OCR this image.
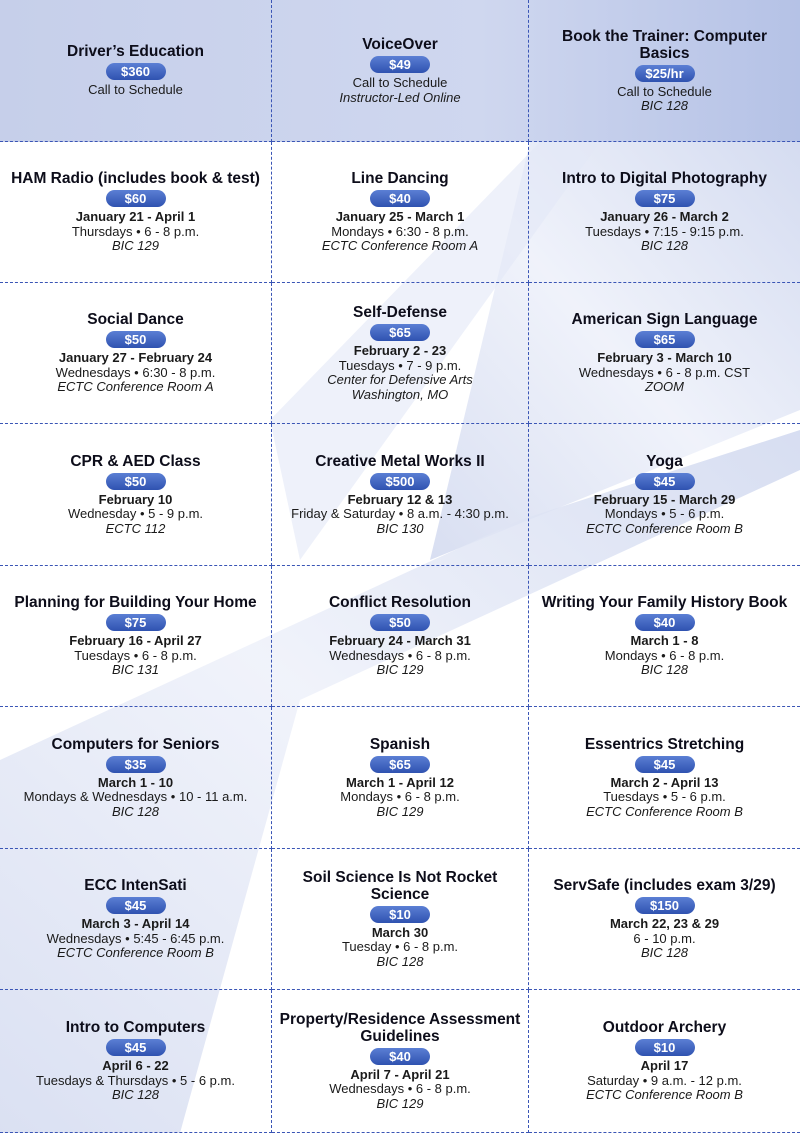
Driver’s Education
$360
Call to Schedule
VoiceOver
$49
Call to Schedule
Instructor-Led Online
Book the Trainer: Computer Basics
$25/hr
Call to Schedule
BIC 128
HAM Radio (includes book & test)
$60
January 21 - April 1
Thursdays • 6 - 8 p.m.
BIC 129
Line Dancing
$40
January 25 - March 1
Mondays • 6:30 - 8 p.m.
ECTC Conference Room A
Intro to Digital Photography
$75
January 26 - March 2
Tuesdays • 7:15 - 9:15 p.m.
BIC 128
Social Dance
$50
January 27 - February 24
Wednesdays • 6:30 - 8 p.m.
ECTC Conference Room A
Self-Defense
$65
February 2 - 23
Tuesdays • 7 - 9 p.m.
Center for Defensive Arts
Washington, MO
American Sign Language
$65
February 3 - March 10
Wednesdays • 6 - 8 p.m. CST
ZOOM
CPR & AED Class
$50
February 10
Wednesday • 5 - 9 p.m.
ECTC 112
Creative Metal Works II
$500
February 12 & 13
Friday & Saturday • 8 a.m. - 4:30 p.m.
BIC 130
Yoga
$45
February 15 - March 29
Mondays • 5 - 6 p.m.
ECTC Conference Room B
Planning for Building Your Home
$75
February 16 - April 27
Tuesdays • 6 - 8 p.m.
BIC 131
Conflict Resolution
$50
February 24 - March 31
Wednesdays • 6 - 8 p.m.
BIC 129
Writing Your Family History Book
$40
March 1 - 8
Mondays • 6 - 8 p.m.
BIC 128
Computers for Seniors
$35
March 1 - 10
Mondays & Wednesdays • 10 - 11 a.m.
BIC 128
Spanish
$65
March 1 - April 12
Mondays • 6 - 8 p.m.
BIC 129
Essentrics Stretching
$45
March 2 - April 13
Tuesdays • 5 - 6 p.m.
ECTC Conference Room B
ECC IntenSati
$45
March 3 - April 14
Wednesdays • 5:45 - 6:45 p.m.
ECTC Conference Room B
Soil Science Is Not Rocket Science
$10
March 30
Tuesday • 6 - 8 p.m.
BIC 128
ServSafe (includes exam 3/29)
$150
March 22, 23 & 29
6 - 10 p.m.
BIC 128
Intro to Computers
$45
April 6 - 22
Tuesdays & Thursdays • 5 - 6 p.m.
BIC 128
Property/Residence Assessment Guidelines
$40
April 7 - April 21
Wednesdays • 6 - 8 p.m.
BIC 129
Outdoor Archery
$10
April 17
Saturday • 9 a.m. - 12 p.m.
ECTC Conference Room B
